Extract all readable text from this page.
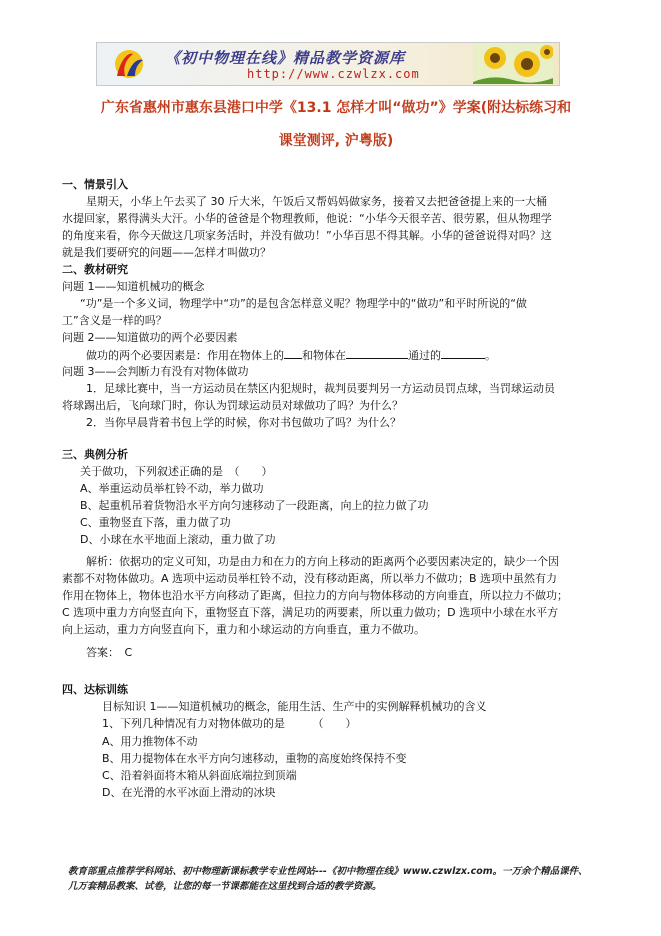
《初中物理在线》精品教学资源库
http://www.czwlzx.com
广东省惠州市惠东县港口中学《13.1 怎样才叫“做功”》学案(附达标练习和
课堂测评, 沪粤版)
一、情景引入
星期天，小华上午去买了 30 斤大米，午饭后又帮妈妈做家务，接着又去把爸爸提上来的一大桶
水提回家，累得满头大汗。小华的爸爸是个物理教师，他说：“小华今天很辛苦、很劳累，但从物理学
的角度来看，你今天做这几项家务活时，并没有做功！”小华百思不得其解。小华的爸爸说得对吗？这
就是我们要研究的问题——怎样才叫做功？
二、教材研究
问题 1——知道机械功的概念
“功”是一个多义词，物理学中“功”的是包含怎样意义呢？物理学中的“做功”和平时所说的“做
工”含义是一样的吗？
问题 2——知道做功的两个必要因素
做功的两个必要因素是：作用在物体上的 和物体在	通过的	。
问题 3——会判断力有没有对物体做功
1．足球比赛中，当一方运动员在禁区内犯规时，裁判员要判另一方运动员罚点球，当罚球运动员
将球踢出后，飞向球门时，你认为罚球运动员对球做功了吗？为什么？
2．当你早晨背着书包上学的时候，你对书包做功了吗？为什么？
三、典例分析
关于做功，下列叙述正确的是　（　　）
A、举重运动员举杠铃不动，举力做功
B、起重机吊着货物沿水平方向匀速移动了一段距离，向上的拉力做了功
C、重物竖直下落，重力做了功
D、小球在水平地面上滚动，重力做了功
解析：依据功的定义可知，功是由力和在力的方向上移动的距离两个必要因素决定的，缺少一个因
素都不对物体做功。A 选项中运动员举杠铃不动，没有移动距离，所以举力不做功；B 选项中虽然有力
作用在物体上，物体也沿水平方向移动了距离，但拉力的方向与物体移动的方向垂直，所以拉力不做功；
C 选项中重力方向竖直向下，重物竖直下落，满足功的两要素，所以重力做功；D 选项中小球在水平方
向上运动，重力方向竖直向下，重力和小球运动的方向垂直，重力不做功。
答案：　C
四、达标训练
目标知识 1——知道机械功的概念，能用生活、生产中的实例解释机械功的含义
1、下列几种情况有力对物体做功的是　　　（　　）
A、用力推物体不动
B、用力提物体在水平方向匀速移动，重物的高度始终保持不变
C、沿着斜面将木箱从斜面底端拉到顶端
D、在光滑的水平冰面上滑动的冰块
教育部重点推荐学科网站、初中物理新课标教学专业性网站---《初中物理在线》www.czwlzx.com。一万余个精品课件、
几万套精品教案、试卷，让您的每一节课都能在这里找到合适的教学资源。
